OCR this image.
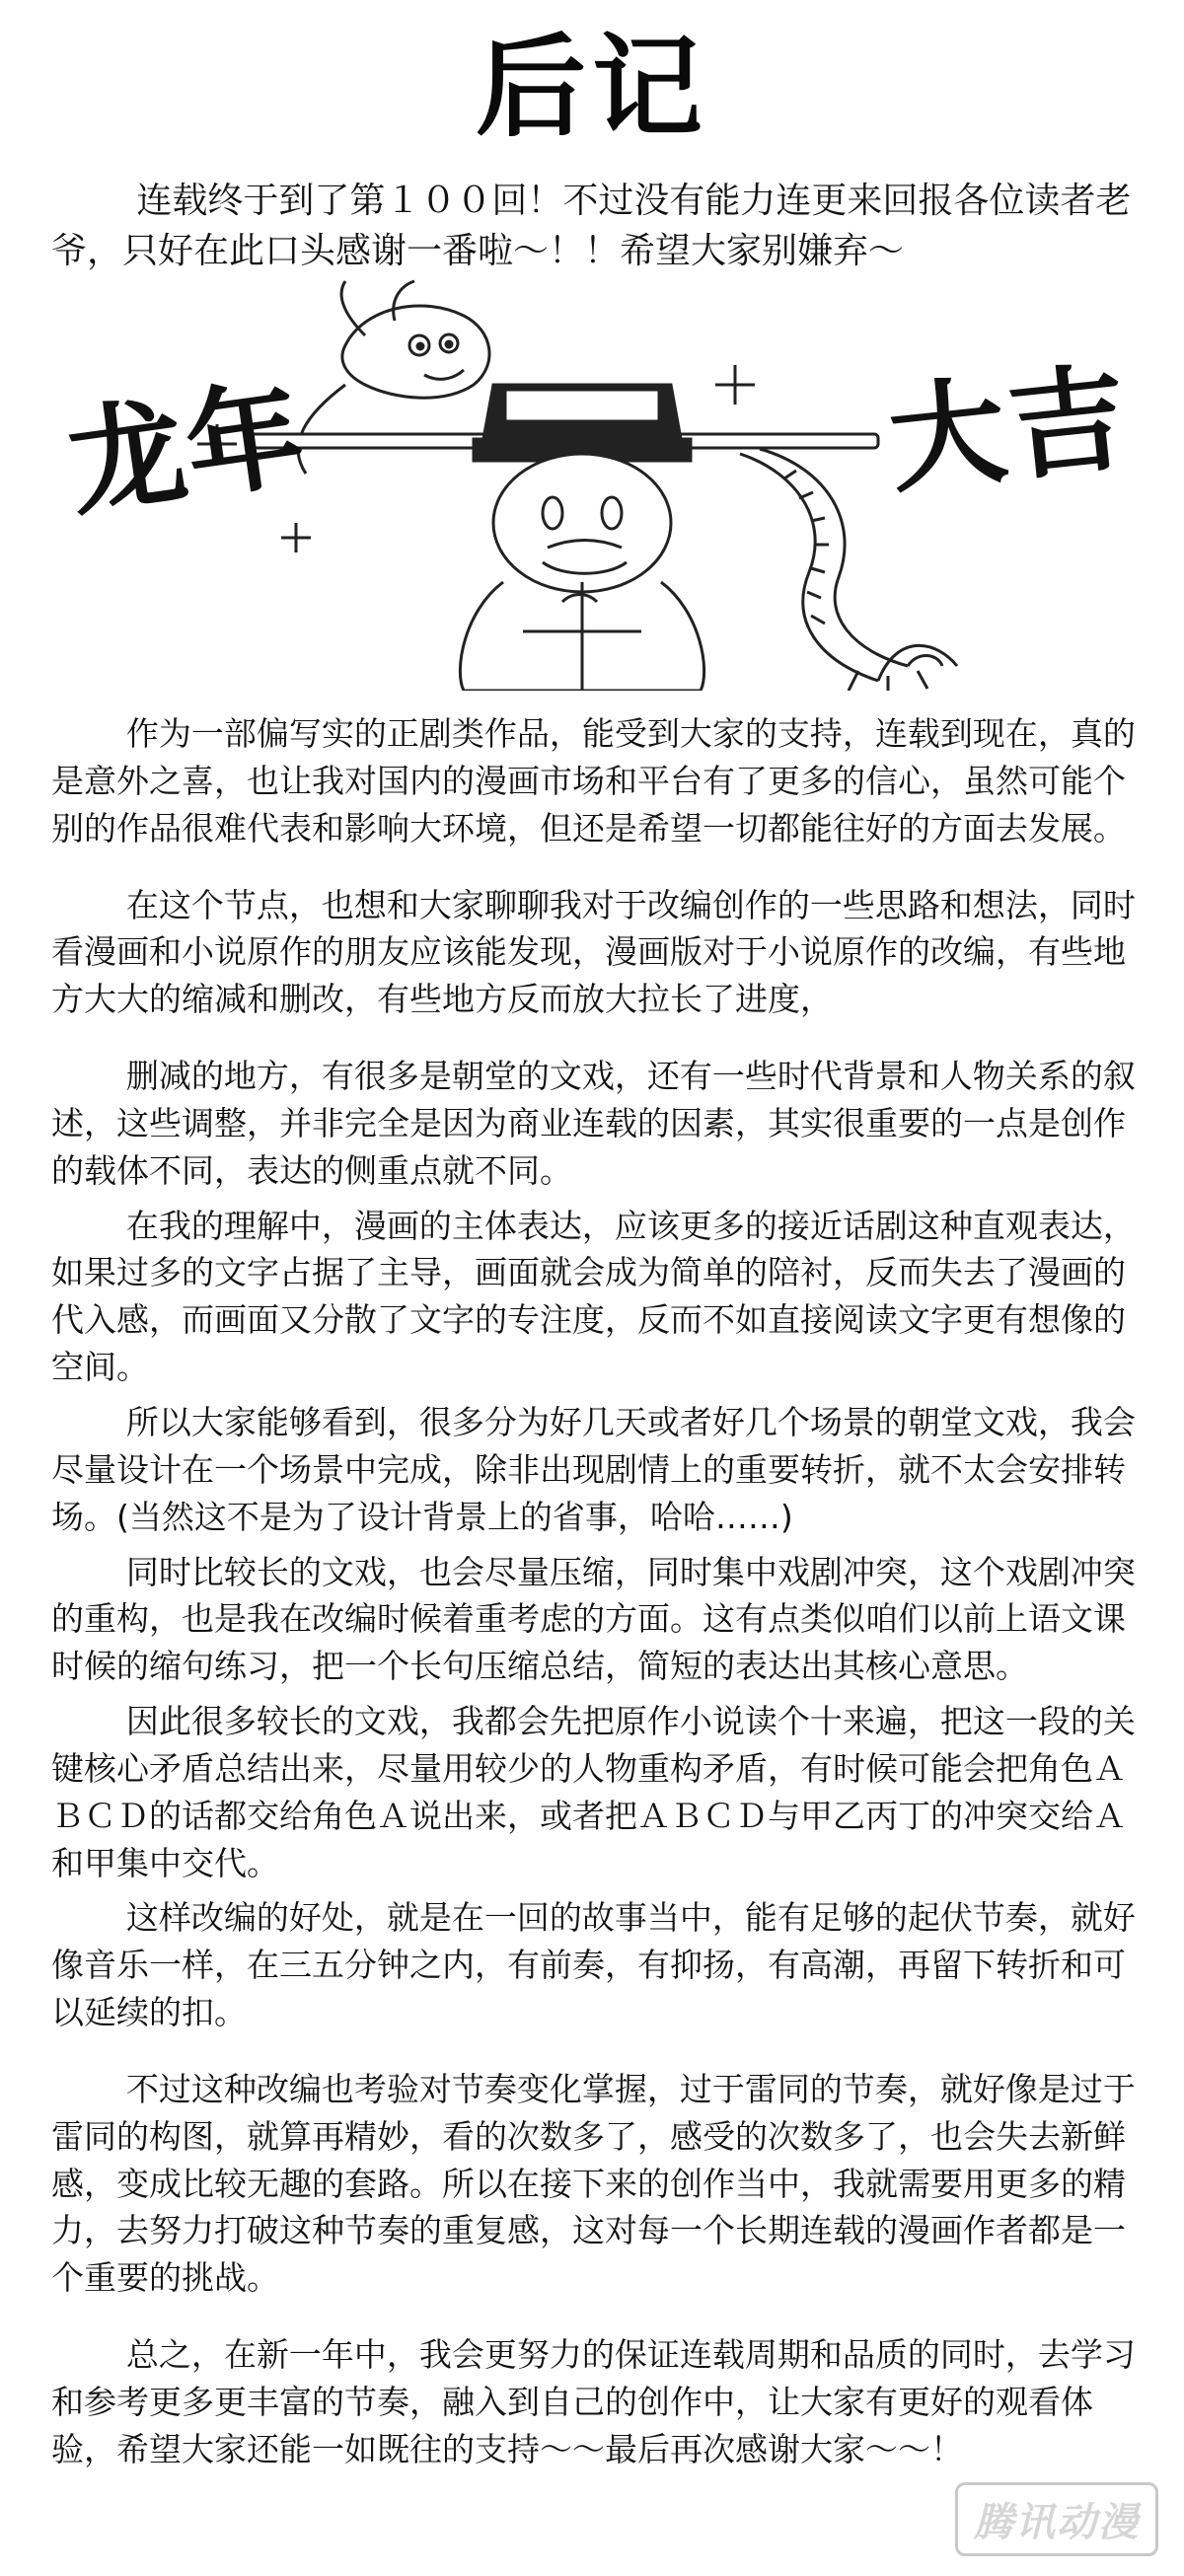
后记

连载终于到了第１００回！不过没有能力连更来回报各位读者老爷，只好在此口头感谢一番啦～！！希望大家别嫌弃～

龙年	大吉

作为一部偏写实的正剧类作品，能受到大家的支持，连载到现在，真的是意外之喜，也让我对国内的漫画市场和平台有了更多的信心，虽然可能个别的作品很难代表和影响大环境，但还是希望一切都能往好的方面去发展。

在这个节点，也想和大家聊聊我对于改编创作的一些思路和想法，同时看漫画和小说原作的朋友应该能发现，漫画版对于小说原作的改编，有些地方大大的缩减和删改，有些地方反而放大拉长了进度，

删减的地方，有很多是朝堂的文戏，还有一些时代背景和人物关系的叙述，这些调整，并非完全是因为商业连载的因素，其实很重要的一点是创作的载体不同，表达的侧重点就不同。

在我的理解中，漫画的主体表达，应该更多的接近话剧这种直观表达，如果过多的文字占据了主导，画面就会成为简单的陪衬，反而失去了漫画的代入感，而画面又分散了文字的专注度，反而不如直接阅读文字更有想像的空间。

所以大家能够看到，很多分为好几天或者好几个场景的朝堂文戏，我会尽量设计在一个场景中完成，除非出现剧情上的重要转折，就不太会安排转场。(当然这不是为了设计背景上的省事，哈哈……)

同时比较长的文戏，也会尽量压缩，同时集中戏剧冲突，这个戏剧冲突的重构，也是我在改编时候着重考虑的方面。这有点类似咱们以前上语文课时候的缩句练习，把一个长句压缩总结，简短的表达出其核心意思。

因此很多较长的文戏，我都会先把原作小说读个十来遍，把这一段的关键核心矛盾总结出来，尽量用较少的人物重构矛盾，有时候可能会把角色ＡＢＣＤ的话都交给角色Ａ说出来，或者把ＡＢＣＤ与甲乙丙丁的冲突交给Ａ和甲集中交代。

这样改编的好处，就是在一回的故事当中，能有足够的起伏节奏，就好像音乐一样，在三五分钟之内，有前奏，有抑扬，有高潮，再留下转折和可以延续的扣。

不过这种改编也考验对节奏变化掌握，过于雷同的节奏，就好像是过于雷同的构图，就算再精妙，看的次数多了，感受的次数多了，也会失去新鲜感，变成比较无趣的套路。所以在接下来的创作当中，我就需要用更多的精力，去努力打破这种节奏的重复感，这对每一个长期连载的漫画作者都是一个重要的挑战。

总之，在新一年中，我会更努力的保证连载周期和品质的同时，去学习和参考更多更丰富的节奏，融入到自己的创作中，让大家有更好的观看体验，希望大家还能一如既往的支持～～最后再次感谢大家～～！

腾讯动漫
